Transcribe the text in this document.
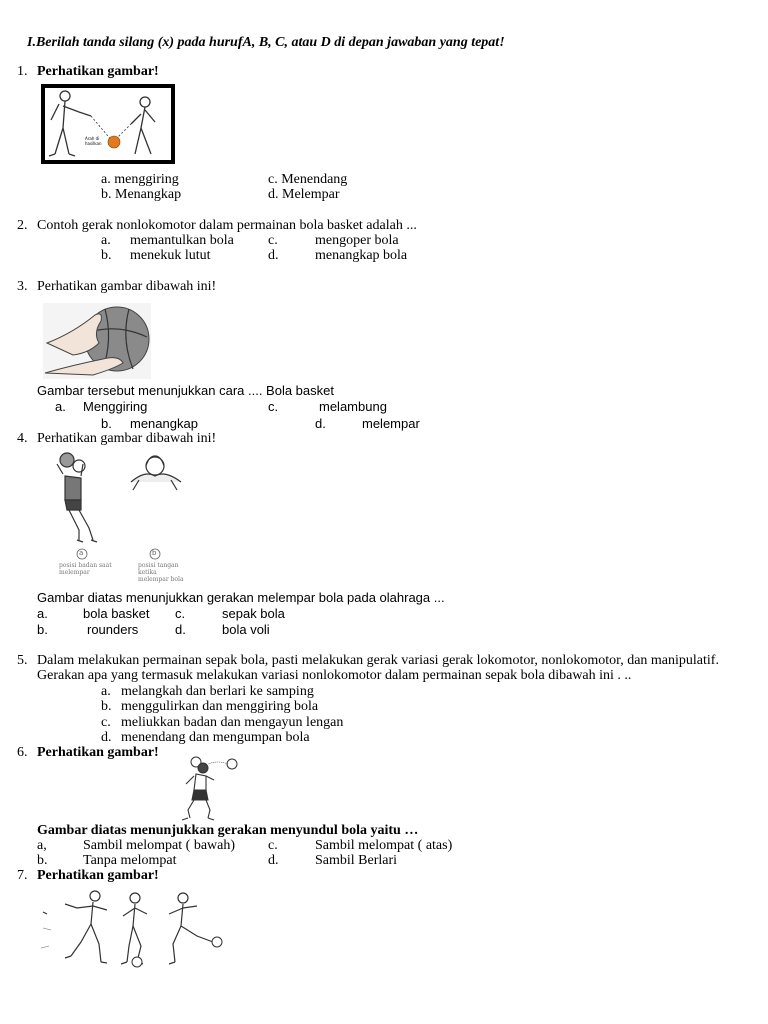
I.Berilah tanda silang (x) pada hurufA, B, C, atau D di depan jawaban yang tepat!
1. Perhatikan gambar!
Arah di hasilkan
a. menggiring	c. Menendang
b. Menangkap	d. Melempar
2. Contoh gerak nonlokomotor dalam permainan bola basket adalah ...
a. memantulkan bola c.	mengoper bola
b. menekuk lutut	d.	menangkap bola
3. Perhatikan gambar dibawah ini!
Gambar tersebut menunjukkan cara .... Bola basket
a. Menggiring	c.	melambung
b. menangkap	d.	melempar
4. Perhatikan gambar dibawah ini!
a	b
posisi badan saat
melempar
posisi tangan
ketika
melempar bola
Gambar diatas menunjukkan gerakan melempar bola pada olahraga ...
a.	bola basket c.	sepak bola
b.	rounders	d.	bola voli
5. Dalam melakukan permainan sepak bola, pasti melakukan gerak variasi gerak lokomotor, nonlokomotor, dan manipulatif.
Gerakan apa yang termasuk melakukan variasi nonlokomotor dalam permainan sepak bola dibawah ini . ..
a. melangkah dan berlari ke samping
b. menggulirkan dan menggiring bola
c. meliukkan badan dan mengayun lengan
d. menendang dan mengumpan bola
6. Perhatikan gambar!
Gambar diatas menunjukkan gerakan menyundul bola yaitu …
a,	Sambil melompat ( bawah) c.	Sambil melompat ( atas)
b.	Tanpa melompat	d.	Sambil Berlari
7. Perhatikan gambar!
